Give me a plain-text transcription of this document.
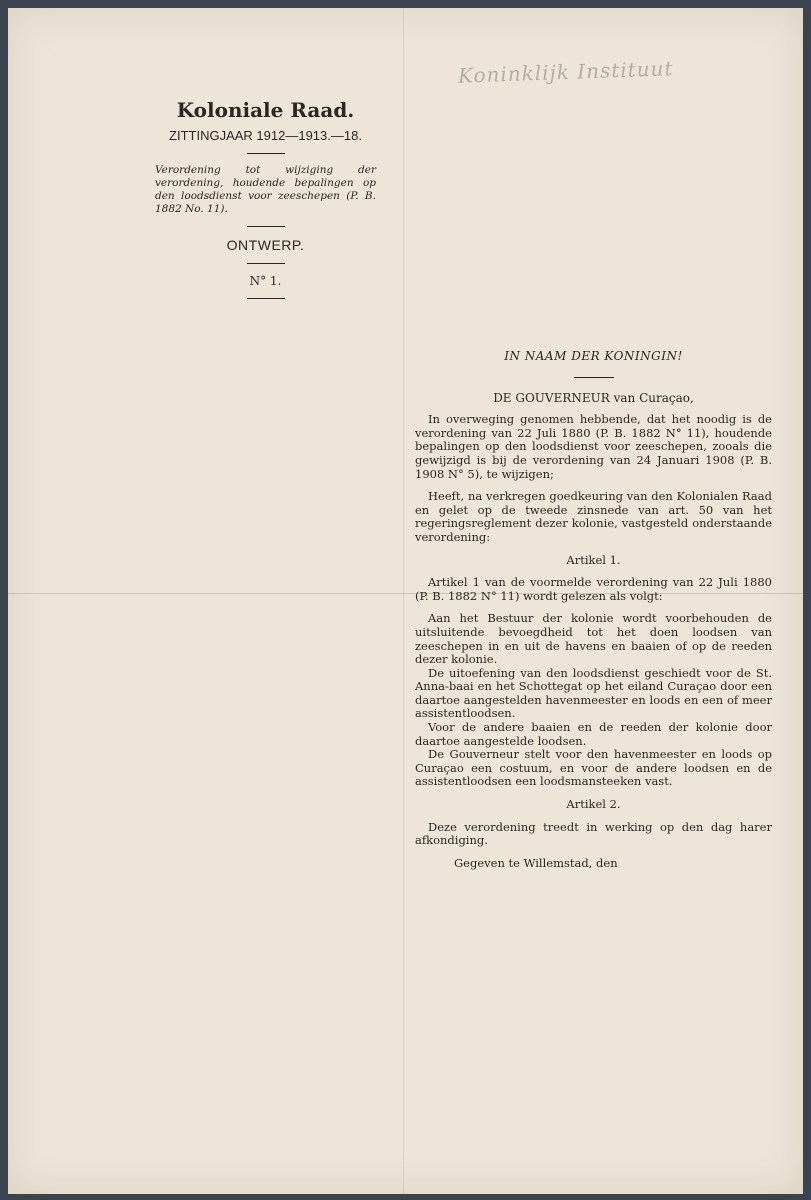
Koninklijk Instituut
Koloniale Raad.
ZITTINGJAAR 1912—1913.—18.
Verordening tot wijziging der verordening, houdende bepalingen op den loodsdienst voor zeeschepen (P. B. 1882 No. 11).
ONTWERP.
N° 1.
IN NAAM DER KONINGIN!
DE GOUVERNEUR van Curaçao,

In overweging genomen hebbende, dat het noodig is de verordening van 22 Juli 1880 (P. B. 1882 N° 11), houdende bepalingen op den loodsdienst voor zeeschepen, zooals die gewijzigd is bij de verordening van 24 Januari 1908 (P. B. 1908 N° 5), te wijzigen;

Heeft, na verkregen goedkeuring van den Kolonialen Raad en gelet op de tweede zinsnede van art. 50 van het regeringsreglement dezer kolonie, vastgesteld onderstaande verordening:

Artikel 1.

Artikel 1 van de voormelde verordening van 22 Juli 1880 (P. B. 1882 N° 11) wordt gelezen als volgt:

Aan het Bestuur der kolonie wordt voorbehouden de uitsluitende bevoegdheid tot het doen loodsen van zeeschepen in en uit de havens en baaien of op de reeden dezer kolonie.

De uitoefening van den loodsdienst geschiedt voor de St. Anna-baai en het Schottegat op het eiland Curaçao door een daartoe aangestelden havenmeester en loods en een of meer assistentloodsen.

Voor de andere baaien en de reeden der kolonie door daartoe aangestelde loodsen.

De Gouverneur stelt voor den havenmeester en loods op Curaçao een costuum, en voor de andere loodsen en de assistentloodsen een loodsmansteeken vast.

Artikel 2.

Deze verordening treedt in werking op den dag harer afkondiging.

Gegeven te Willemstad, den
